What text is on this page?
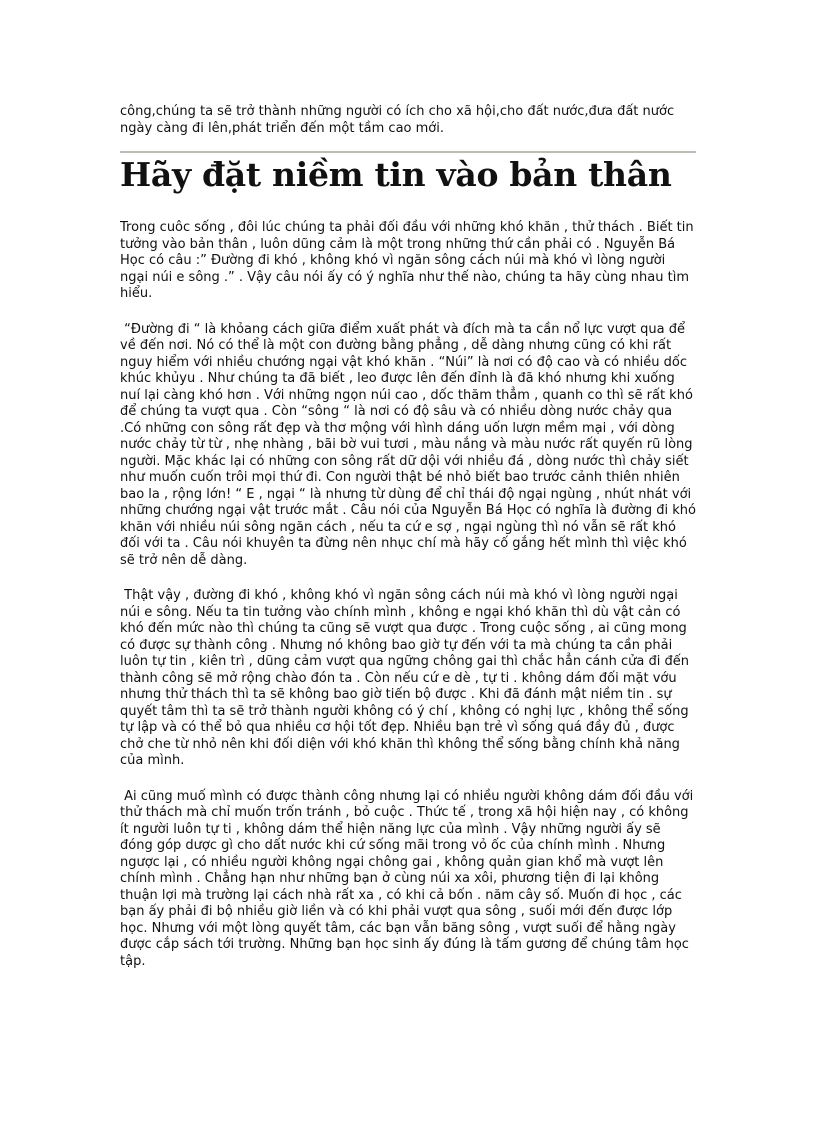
công,chúng ta sẽ trở thành những người có ích cho xã hội,cho đất nước,đưa đất nước ngày càng đi lên,phát triển đến một tầm cao mới.
Hãy đặt niềm tin vào bản thân

Trong cuôc sống , đôi lúc chúng ta phải đối đầu với những khó khăn , thử thách . Biết tin tưởng vào bản thân , luôn dũng cảm là một trong những thứ cần phải có . Nguyễn Bá Học có câu :” Đường đi khó , không khó vì ngăn sông cách núi mà khó vì lòng người ngại núi e sông .” . Vậy câu nói ấy có ý nghĩa như thế nào, chúng ta hãy cùng nhau tìm hiểu.

“Đường đi “ là khỏang cách giữa điểm xuất phát và đích mà ta cần nổ lực vượt qua để về đến nơi. Nó có thể là một con đường bằng phẳng , dễ dàng nhưng cũng có khi rất nguy hiểm với nhiều chướng ngại vật khó khăn . “Núi” là nơi có độ cao và có nhiều dốc khúc khủyu . Như chúng ta đã biết , leo được lên đến đỉnh là đã khó nhưng khi xuống nuí lại càng khó hơn . Với những ngọn núi cao , dốc thăm thẳm , quanh co thì sẽ rất khó để chúng ta vượt qua . Còn “sông “ là nơi có độ sâu và có nhiều dòng nước chảy qua .Có những con sông rất đẹp và thơ mộng với hình dáng uốn lượn mềm mại , với dòng nước chảy từ từ , nhẹ nhàng , bãi bờ vui tươi , màu nắng và màu nước rất quyến rũ lòng người. Mặc khác lại có những con sông rất dữ dội với nhiều đá , dòng nước thì chảy siết như muốn cuốn trôi mọi thứ đi. Con người thật bé nhỏ biết bao trước cảnh thiên nhiên bao la , rộng lớn! “ E , ngại “ là nhưng từ dùng để chỉ thái độ ngại ngùng , nhút nhát với những chướng ngại vật trước mắt . Câu nói của Nguyễn Bá Học có nghĩa là đường đi khó khăn với nhiều núi sông ngăn cách , nếu ta cứ e sợ , ngại ngùng thì nó vẫn sẽ rất khó đối với ta . Câu nói khuyên ta đừng nên nhục chí mà hãy cố gắng hết mình thì việc khó sẽ trở nên dễ dàng.

Thật vậy , đường đi khó , không khó vì ngăn sông cách núi mà khó vì lòng người ngại núi e sông. Nếu ta tin tưởng vào chính mình , không e ngại khó khăn thì dù vật cản có khó đến mức nào thì chúng ta cũng sẽ vượt qua được . Trong cuộc sống , ai cũng mong có được sự thành công . Nhưng nó không bao giờ tự đến với ta mà chúng ta cần phải luôn tự tin , kiên trì , dũng cảm vượt qua ngững chông gai thì chắc hẳn cánh cửa đi đến thành công sẽ mở rộng chào đón ta . Còn nếu cứ e dè , tự ti . không dám đối mặt vớu nhưng thử thách thì ta sẽ không bao giờ tiến bộ được . Khi đã đánh mật niềm tin . sự quyết tâm thì ta sẽ trở thành người không có ý chí , không có nghị lực , không thể sống tự lập và có thể bỏ qua nhiều cơ hội tốt đẹp. Nhiều bạn trẻ vì sống quá đầy đủ , được chở che từ nhỏ nên khi đối diện với khó khăn thì không thể sống bằng chính khả năng của mình.

Ai cũng muố mình có được thành công nhưng lại có nhiều người không dám đối đầu với thử thách mà chỉ muốn trốn tránh , bỏ cuộc . Thức tế , trong xã hội hiện nay , có không ít người luôn tự ti , không dám thể hiện năng lực của mình . Vậy những người ấy sẽ đóng góp dược gì cho dất nước khi cứ sống mãi trong vỏ ốc của chính mình . Nhưng ngược lại , có nhiều người không ngại chông gai , không quản gian khổ mà vượt lên chính mình . Chẳng hạn như những bạn ở cùng núi xa xôi, phương tiện đi lại không thuận lợi mà trường lại cách nhà rất xa , có khi cả bốn . năm cây số. Muốn đi học , các bạn ấy phải đi bộ nhiều giờ liền và có khi phải vượt qua sông , suối mới đến được lớp học. Nhưng với một lòng quyết tâm, các bạn vẫn băng sông , vượt suối để hằng ngày được cắp sách tới trường. Những bạn học sinh ấy đúng là tấm gương để chúng tâm học tập.
